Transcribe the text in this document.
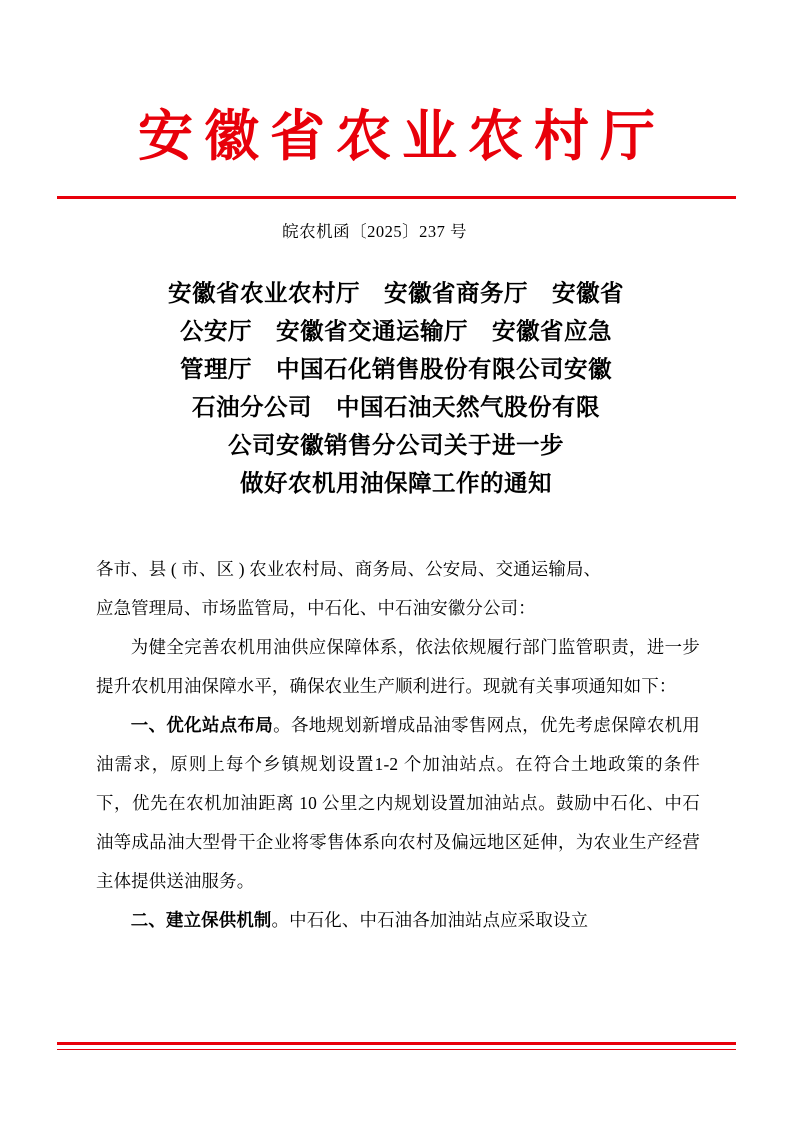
安徽省农业农村厅
皖农机函〔2025〕237 号
安徽省农业农村厅　安徽省商务厅　安徽省
公安厅　安徽省交通运输厅　安徽省应急
管理厅　中国石化销售股份有限公司安徽
石油分公司　中国石油天然气股份有限
公司安徽销售分公司关于进一步
做好农机用油保障工作的通知

各市、县 ( 市、区 ) 农业农村局、商务局、公安局、交通运输局、

应急管理局、市场监管局，中石化、中石油安徽分公司：

为健全完善农机用油供应保障体系，依法依规履行部门监管职责，进一步提升农机用油保障水平，确保农业生产顺利进行。现就有关事项通知如下：

一、优化站点布局。各地规划新增成品油零售网点，优先考虑保障农机用油需求，原则上每个乡镇规划设置1-2 个加油站点。在符合土地政策的条件下，优先在农机加油距离 10 公里之内规划设置加油站点。鼓励中石化、中石油等成品油大型骨干企业将零售体系向农村及偏远地区延伸，为农业生产经营主体提供送油服务。

二、建立保供机制。中石化、中石油各加油站点应采取设立
